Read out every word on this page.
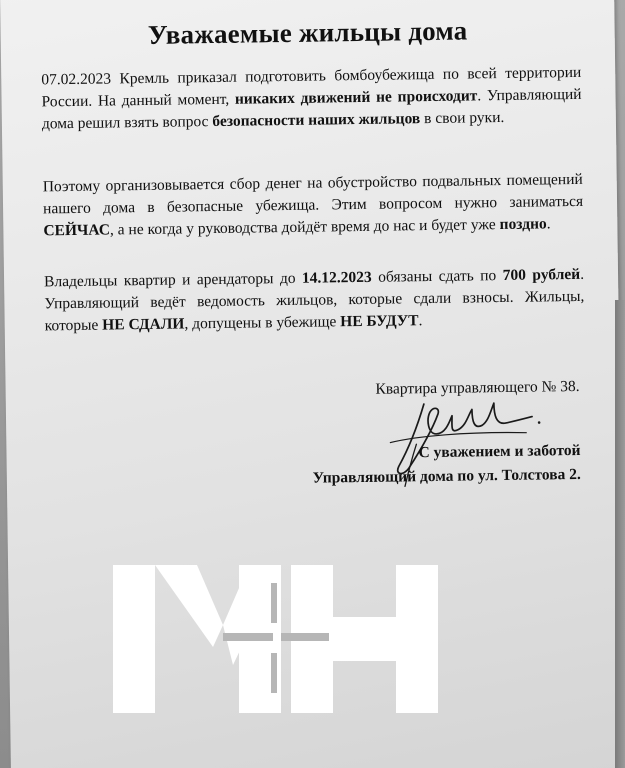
Уважаемые жильцы дома
07.02.2023 Кремль приказал подготовить бомбоубежища по всей территории
России. На данный момент, никаких движений не происходит. Управляющий
дома решил взять вопрос безопасности наших жильцов в свои руки.
Поэтому организовывается сбор денег на обустройство подвальных помещений
нашего дома в безопасные убежища. Этим вопросом нужно заниматься
СЕЙЧАС, а не когда у руководства дойдёт время до нас и будет уже поздно.
Владельцы квартир и арендаторы до 14.12.2023 обязаны сдать по 700 рублей.
Управляющий ведёт ведомость жильцов, которые сдали взносы. Жильцы,
которые НЕ СДАЛИ, допущены в убежище НЕ БУДУТ.
Квартира управляющего № 38.
С уважением и заботой
Управляющий дома по ул. Толстова 2.
